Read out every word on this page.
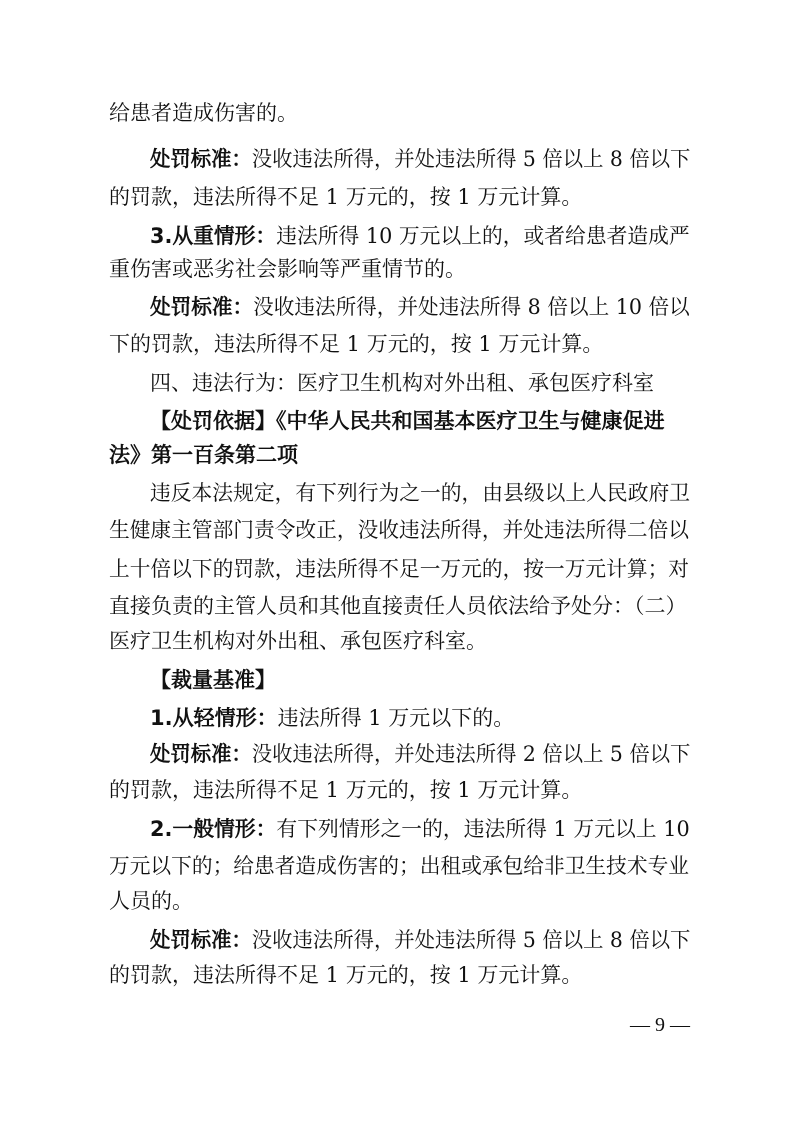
给患者造成伤害的。
处罚标准：没收违法所得，并处违法所得 5 倍以上 8 倍以下
的罚款，违法所得不足 1 万元的，按 1 万元计算。
3.从重情形：违法所得 10 万元以上的，或者给患者造成严
重伤害或恶劣社会影响等严重情节的。
处罚标准：没收违法所得，并处违法所得 8 倍以上 10 倍以
下的罚款，违法所得不足 1 万元的，按 1 万元计算。
四、违法行为：医疗卫生机构对外出租、承包医疗科室
【处罚依据】《中华人民共和国基本医疗卫生与健康促进
法》第一百条第二项
违反本法规定，有下列行为之一的，由县级以上人民政府卫
生健康主管部门责令改正，没收违法所得，并处违法所得二倍以
上十倍以下的罚款，违法所得不足一万元的，按一万元计算；对
直接负责的主管人员和其他直接责任人员依法给予处分：（二）
医疗卫生机构对外出租、承包医疗科室。
【裁量基准】
1.从轻情形：违法所得 1 万元以下的。
处罚标准：没收违法所得，并处违法所得 2 倍以上 5 倍以下
的罚款，违法所得不足 1 万元的，按 1 万元计算。
2.一般情形：有下列情形之一的，违法所得 1 万元以上 10
万元以下的；给患者造成伤害的；出租或承包给非卫生技术专业
人员的。
处罚标准：没收违法所得，并处违法所得 5 倍以上 8 倍以下
的罚款，违法所得不足 1 万元的，按 1 万元计算。
— 9 —
